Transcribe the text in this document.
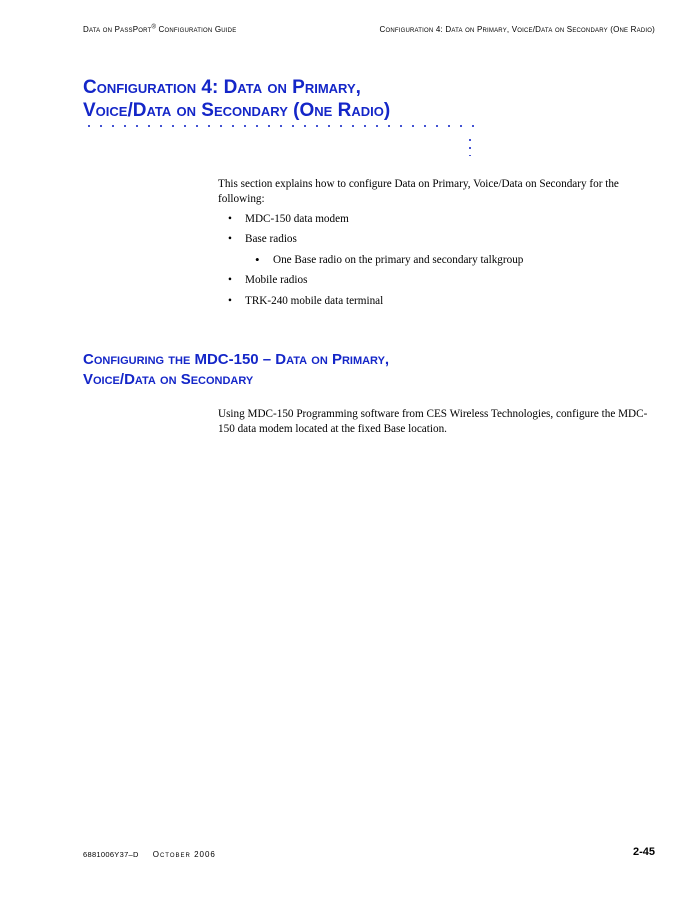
Data on PassPort® Configuration Guide	Configuration 4: Data on Primary, Voice/Data on Secondary (One Radio)
Configuration 4: Data on Primary,
Voice/Data on Secondary (One Radio)

This section explains how to configure Data on Primary, Voice/Data on Secondary for the
following:

• MDC-150 data modem
• Base radios
• One Base radio on the primary and secondary talkgroup
• Mobile radios
• TRK-240 mobile data terminal
Configuring the MDC-150 – Data on Primary,
Voice/Data on Secondary

Using MDC-150 Programming software from CES Wireless Technologies, configure the MDC-
150 data modem located at the fixed Base location.

6881006Y37–D October 2006	2-45
